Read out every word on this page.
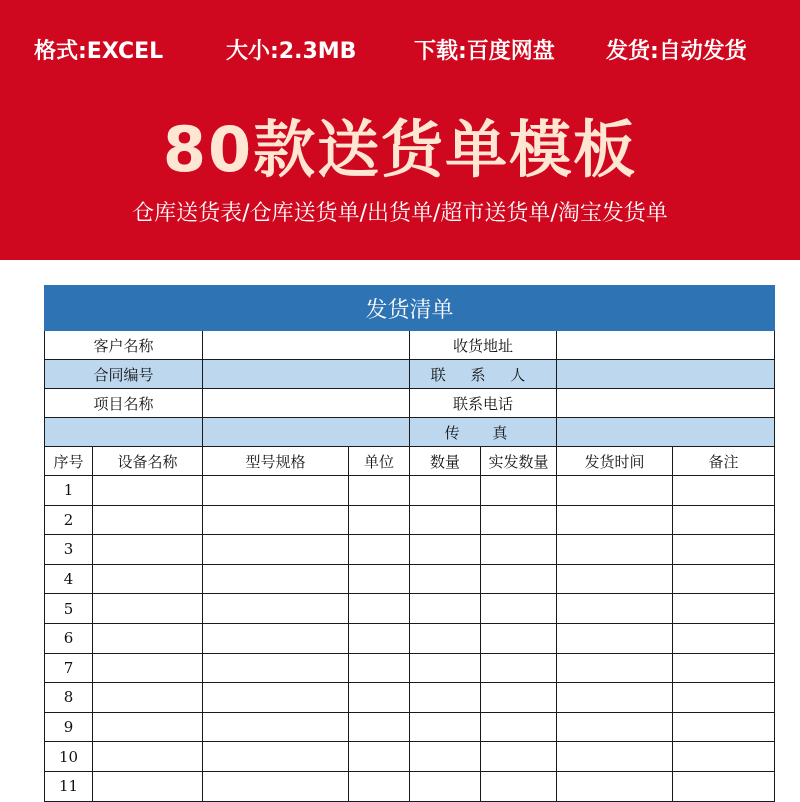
格式:EXCEL	大小:2.3MB	下载:百度网盘 发货:自动发货
80款送货单模板
仓库送货表/仓库送货单/出货单/超市送货单/淘宝发货单
发货清单							
客户名称				收货地址			
合同编号				联 系 人			
项目名称				联系电话			
				传 真			
序号	设备名称	型号规格	单位	数量	实发数量	发货时间	备注
1							
2							
3							
4							
5							
6							
7							
8							
9							
10							
11							
